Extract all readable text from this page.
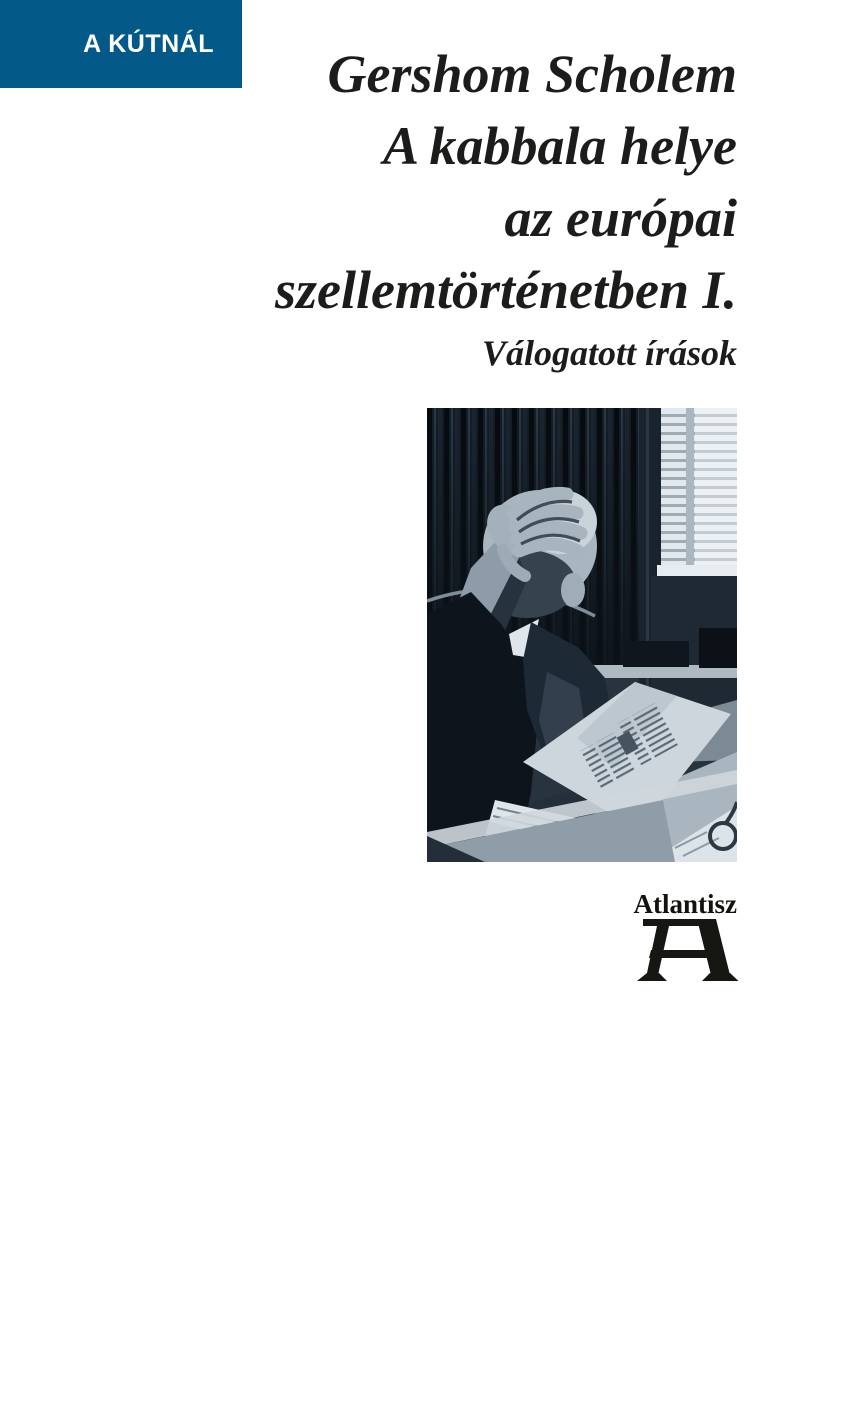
A KÚTNÁL
Gershom Scholem
A kabbala helye
az európai
szellemtörténetben I.
Válogatott írások
Atlantisz
